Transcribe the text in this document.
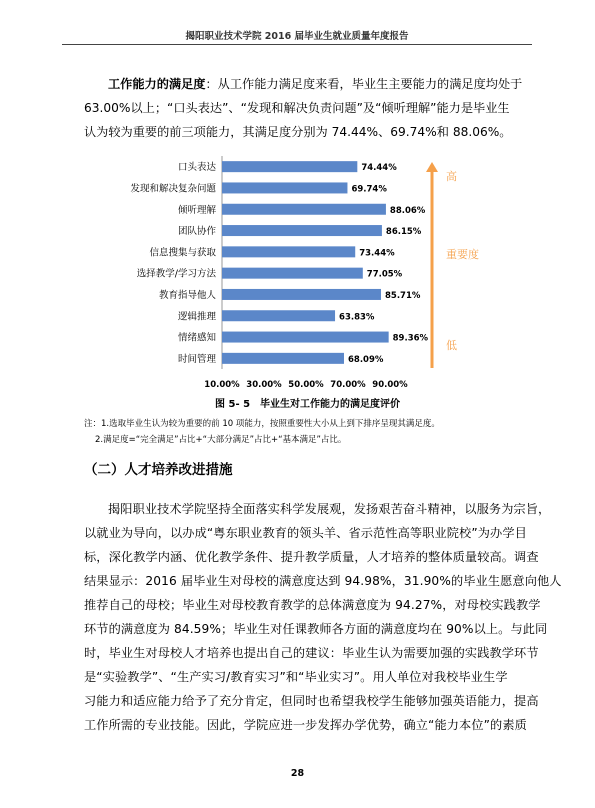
揭阳职业技术学院 2016 届毕业生就业质量年度报告
工作能力的满足度：从工作能力满足度来看，毕业生主要能力的满足度均处于
63.00%以上；“口头表达”、“发现和解决负责问题”及“倾听理解”能力是毕业生
认为较为重要的前三项能力，其满足度分别为 74.44%、69.74%和 88.06%。
口头表达
发现和解决复杂问题
倾听理解
团队协作
信息搜集与获取
选择教学/学习方法
教育指导他人
逻辑推理
情绪感知
时间管理
74.44%
69.74%
88.06%
86.15%
73.44%
77.05%
85.71%
63.83%
89.36%
68.09%
10.00% 30.00% 50.00% 70.00% 90.00%
高
重要度
低
图 5- 5　毕业生对工作能力的满足度评价
注：1.选取毕业生认为较为重要的前 10 项能力，按照重要性大小从上到下排序呈现其满足度。
2.满足度=“完全满足”占比+“大部分满足”占比+“基本满足”占比。
（二）人才培养改进措施
揭阳职业技术学院坚持全面落实科学发展观，发扬艰苦奋斗精神，以服务为宗旨，
以就业为导向，以办成“粤东职业教育的领头羊、省示范性高等职业院校”为办学目
标，深化教学内涵、优化教学条件、提升教学质量，人才培养的整体质量较高。调查
结果显示：2016 届毕业生对母校的满意度达到 94.98%，31.90%的毕业生愿意向他人
推荐自己的母校；毕业生对母校教育教学的总体满意度为 94.27%，对母校实践教学
环节的满意度为 84.59%；毕业生对任课教师各方面的满意度均在 90%以上。与此同
时，毕业生对母校人才培养也提出自己的建议：毕业生认为需要加强的实践教学环节
是“实验教学”、“生产实习/教育实习”和“毕业实习”。用人单位对我校毕业生学
习能力和适应能力给予了充分肯定，但同时也希望我校学生能够加强英语能力，提高
工作所需的专业技能。因此，学院应进一步发挥办学优势，确立“能力本位”的素质
28
